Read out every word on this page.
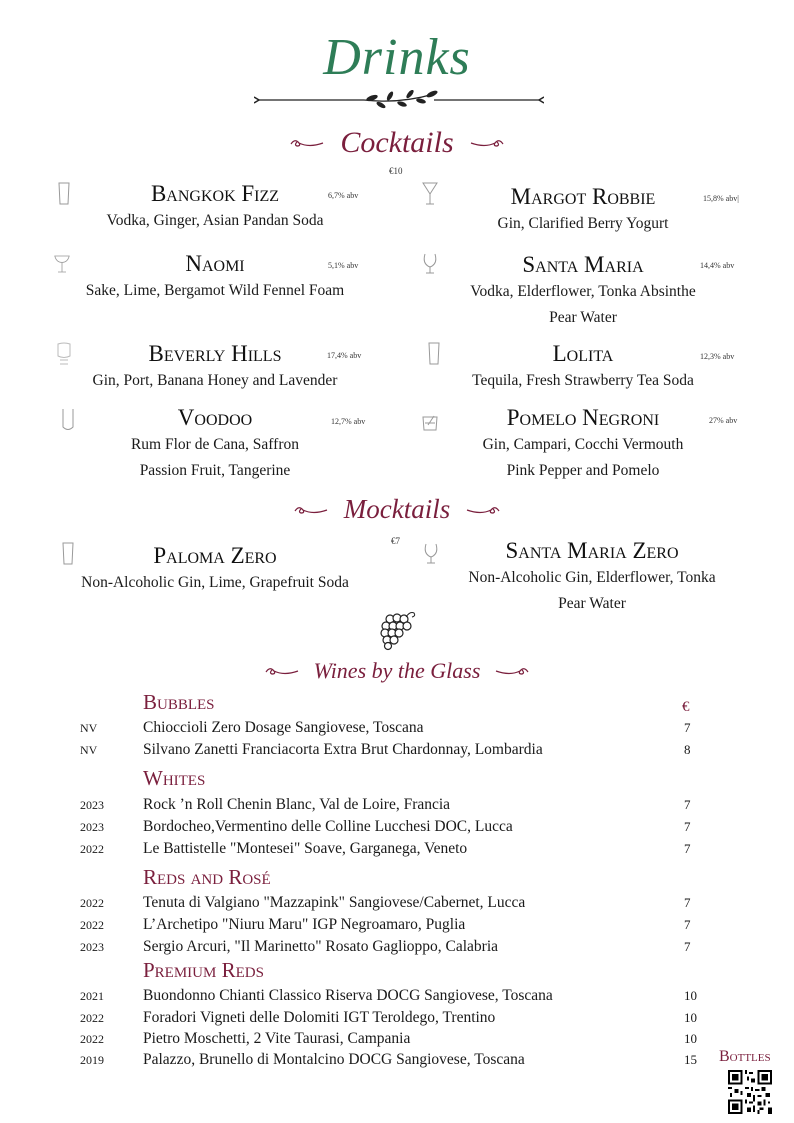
Drinks
Cocktails
€10
Bangkok Fizz
Vodka, Ginger, Asian Pandan Soda
6,7% abv
Naomi
Sake, Lime, Bergamot Wild Fennel Foam
5,1% abv
Beverly Hills
Gin, Port, Banana Honey and Lavender
17,4% abv
Voodoo
Rum Flor de Cana, Saffron
Passion Fruit, Tangerine
12,7% abv
Margot Robbie
Gin, Clarified Berry Yogurt
15,8% abv|
Santa Maria
Vodka, Elderflower, Tonka Absinthe
Pear Water
14,4% abv
Lolita
Tequila, Fresh Strawberry Tea Soda
12,3% abv
Pomelo Negroni
Gin, Campari, Cocchi Vermouth
Pink Pepper and Pomelo
27% abv
Mocktails
€7
Paloma Zero
Non-Alcoholic Gin, Lime, Grapefruit Soda
Santa Maria Zero
Non-Alcoholic Gin, Elderflower, Tonka
Pear Water
Wines by the Glass
€
Bubbles
NV	Chioccioli Zero Dosage Sangiovese, Toscana	7
NV	Silvano Zanetti Franciacorta Extra Brut Chardonnay, Lombardia	8
Whites
2023	Rock ’n Roll Chenin Blanc, Val de Loire, Francia	7
2023	Bordocheo,Vermentino delle Colline Lucchesi DOC, Lucca	7
2022	Le Battistelle "Montesei" Soave, Garganega, Veneto	7
Reds and Rosé
2022	Tenuta di Valgiano "Mazzapink" Sangiovese/Cabernet, Lucca	7
2022	L’Archetipo "Niuru Maru" IGP Negroamaro, Puglia	7
2023	Sergio Arcuri, "Il Marinetto" Rosato Gaglioppo, Calabria	7
Premium Reds
2021	Buondonno Chianti Classico Riserva DOCG Sangiovese, Toscana	10
2022	Foradori Vigneti delle Dolomiti IGT Teroldego, Trentino	10
2022	Pietro Moschetti, 2 Vite Taurasi, Campania	10
2019	Palazzo, Brunello di Montalcino DOCG Sangiovese, Toscana	15 Bottles
